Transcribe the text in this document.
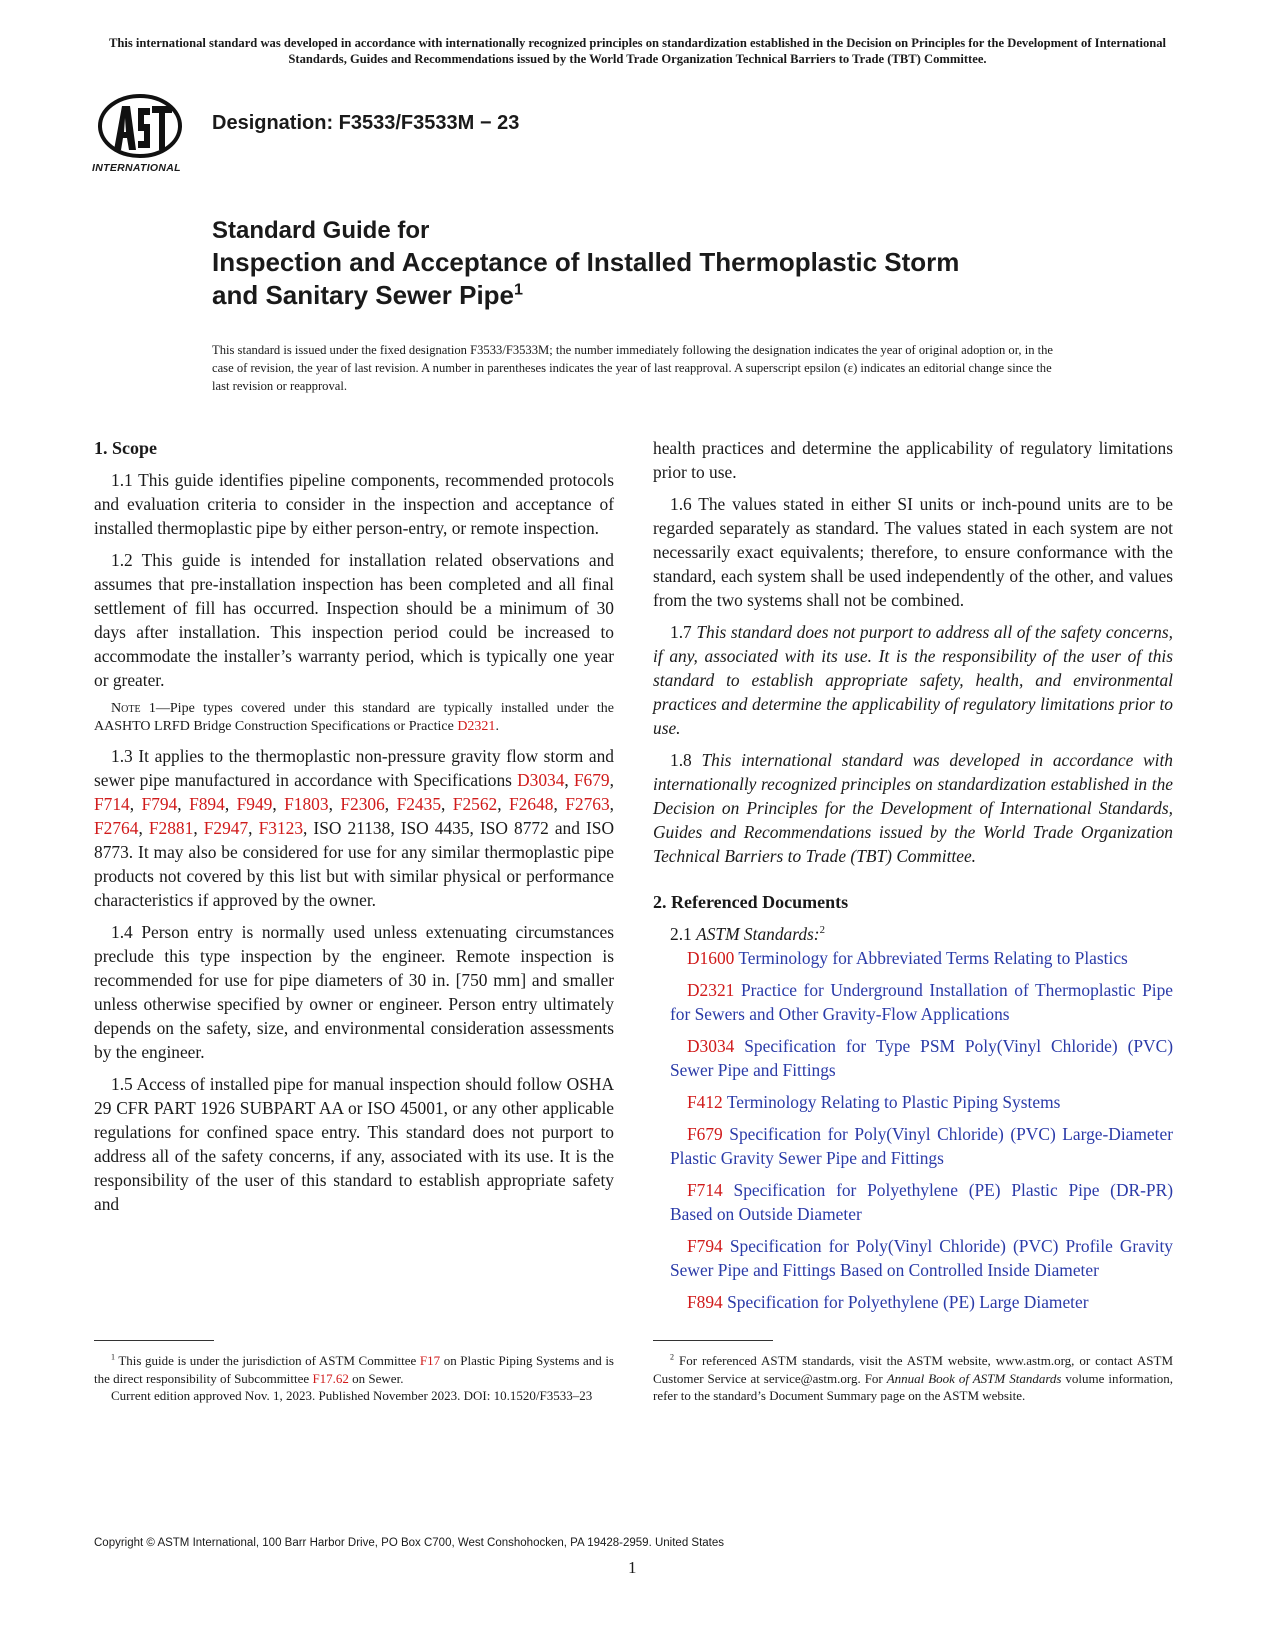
This international standard was developed in accordance with internationally recognized principles on standardization established in the Decision on Principles for the Development of International Standards, Guides and Recommendations issued by the World Trade Organization Technical Barriers to Trade (TBT) Committee.
INTERNATIONAL
Designation: F3533/F3533M − 23
Standard Guide for
Inspection and Acceptance of Installed Thermoplastic Storm
and Sanitary Sewer Pipe$^1$
This standard is issued under the fixed designation F3533/F3533M; the number immediately following the designation indicates the year of original adoption or, in the case of revision, the year of last revision. A number in parentheses indicates the year of last reapproval. A superscript epsilon (ε) indicates an editorial change since the last revision or reapproval.
1. Scope

1.1 This guide identifies pipeline components, recommended protocols and evaluation criteria to consider in the inspection and acceptance of installed thermoplastic pipe by either person-entry, or remote inspection.

1.2 This guide is intended for installation related observations and assumes that pre-installation inspection has been completed and all final settlement of fill has occurred. Inspection should be a minimum of 30 days after installation. This inspection period could be increased to accommodate the installer’s warranty period, which is typically one year or greater.

Note 1—Pipe types covered under this standard are typically installed under the AASHTO LRFD Bridge Construction Specifications or Practice D2321.

1.3 It applies to the thermoplastic non-pressure gravity flow storm and sewer pipe manufactured in accordance with Specifications D3034, F679, F714, F794, F894, F949, F1803, F2306, F2435, F2562, F2648, F2763, F2764, F2881, F2947, F3123, ISO 21138, ISO 4435, ISO 8772 and ISO 8773. It may also be considered for use for any similar thermoplastic pipe products not covered by this list but with similar physical or performance characteristics if approved by the owner.

1.4 Person entry is normally used unless extenuating circumstances preclude this type inspection by the engineer. Remote inspection is recommended for use for pipe diameters of 30 in. [750 mm] and smaller unless otherwise specified by owner or engineer. Person entry ultimately depends on the safety, size, and environmental consideration assessments by the engineer.

1.5 Access of installed pipe for manual inspection should follow OSHA 29 CFR PART 1926 SUBPART AA or ISO 45001, or any other applicable regulations for confined space entry. This standard does not purport to address all of the safety concerns, if any, associated with its use. It is the responsibility of the user of this standard to establish appropriate safety and

health practices and determine the applicability of regulatory limitations prior to use.

1.6 The values stated in either SI units or inch-pound units are to be regarded separately as standard. The values stated in each system are not necessarily exact equivalents; therefore, to ensure conformance with the standard, each system shall be used independently of the other, and values from the two systems shall not be combined.

1.7 This standard does not purport to address all of the safety concerns, if any, associated with its use. It is the responsibility of the user of this standard to establish appropriate safety, health, and environmental practices and determine the applicability of regulatory limitations prior to use.

1.8 This international standard was developed in accordance with internationally recognized principles on standardization established in the Decision on Principles for the Development of International Standards, Guides and Recommendations issued by the World Trade Organization Technical Barriers to Trade (TBT) Committee.

2. Referenced Documents

2.1 ASTM Standards:$^2$

D1600 Terminology for Abbreviated Terms Relating to Plastics

D2321 Practice for Underground Installation of Thermoplastic Pipe for Sewers and Other Gravity-Flow Applications

D3034 Specification for Type PSM Poly(Vinyl Chloride) (PVC) Sewer Pipe and Fittings

F412 Terminology Relating to Plastic Piping Systems

F679 Specification for Poly(Vinyl Chloride) (PVC) Large-Diameter Plastic Gravity Sewer Pipe and Fittings

F714 Specification for Polyethylene (PE) Plastic Pipe (DR-PR) Based on Outside Diameter

F794 Specification for Poly(Vinyl Chloride) (PVC) Profile Gravity Sewer Pipe and Fittings Based on Controlled Inside Diameter

F894 Specification for Polyethylene (PE) Large Diameter

$^1$ This guide is under the jurisdiction of ASTM Committee F17 on Plastic Piping Systems and is the direct responsibility of Subcommittee F17.62 on Sewer.

Current edition approved Nov. 1, 2023. Published November 2023. DOI: 10.1520/F3533–23

$^2$ For referenced ASTM standards, visit the ASTM website, www.astm.org, or contact ASTM Customer Service at service@astm.org. For Annual Book of ASTM Standards volume information, refer to the standard’s Document Summary page on the ASTM website.

Copyright © ASTM International, 100 Barr Harbor Drive, PO Box C700, West Conshohocken, PA 19428-2959. United States
1
